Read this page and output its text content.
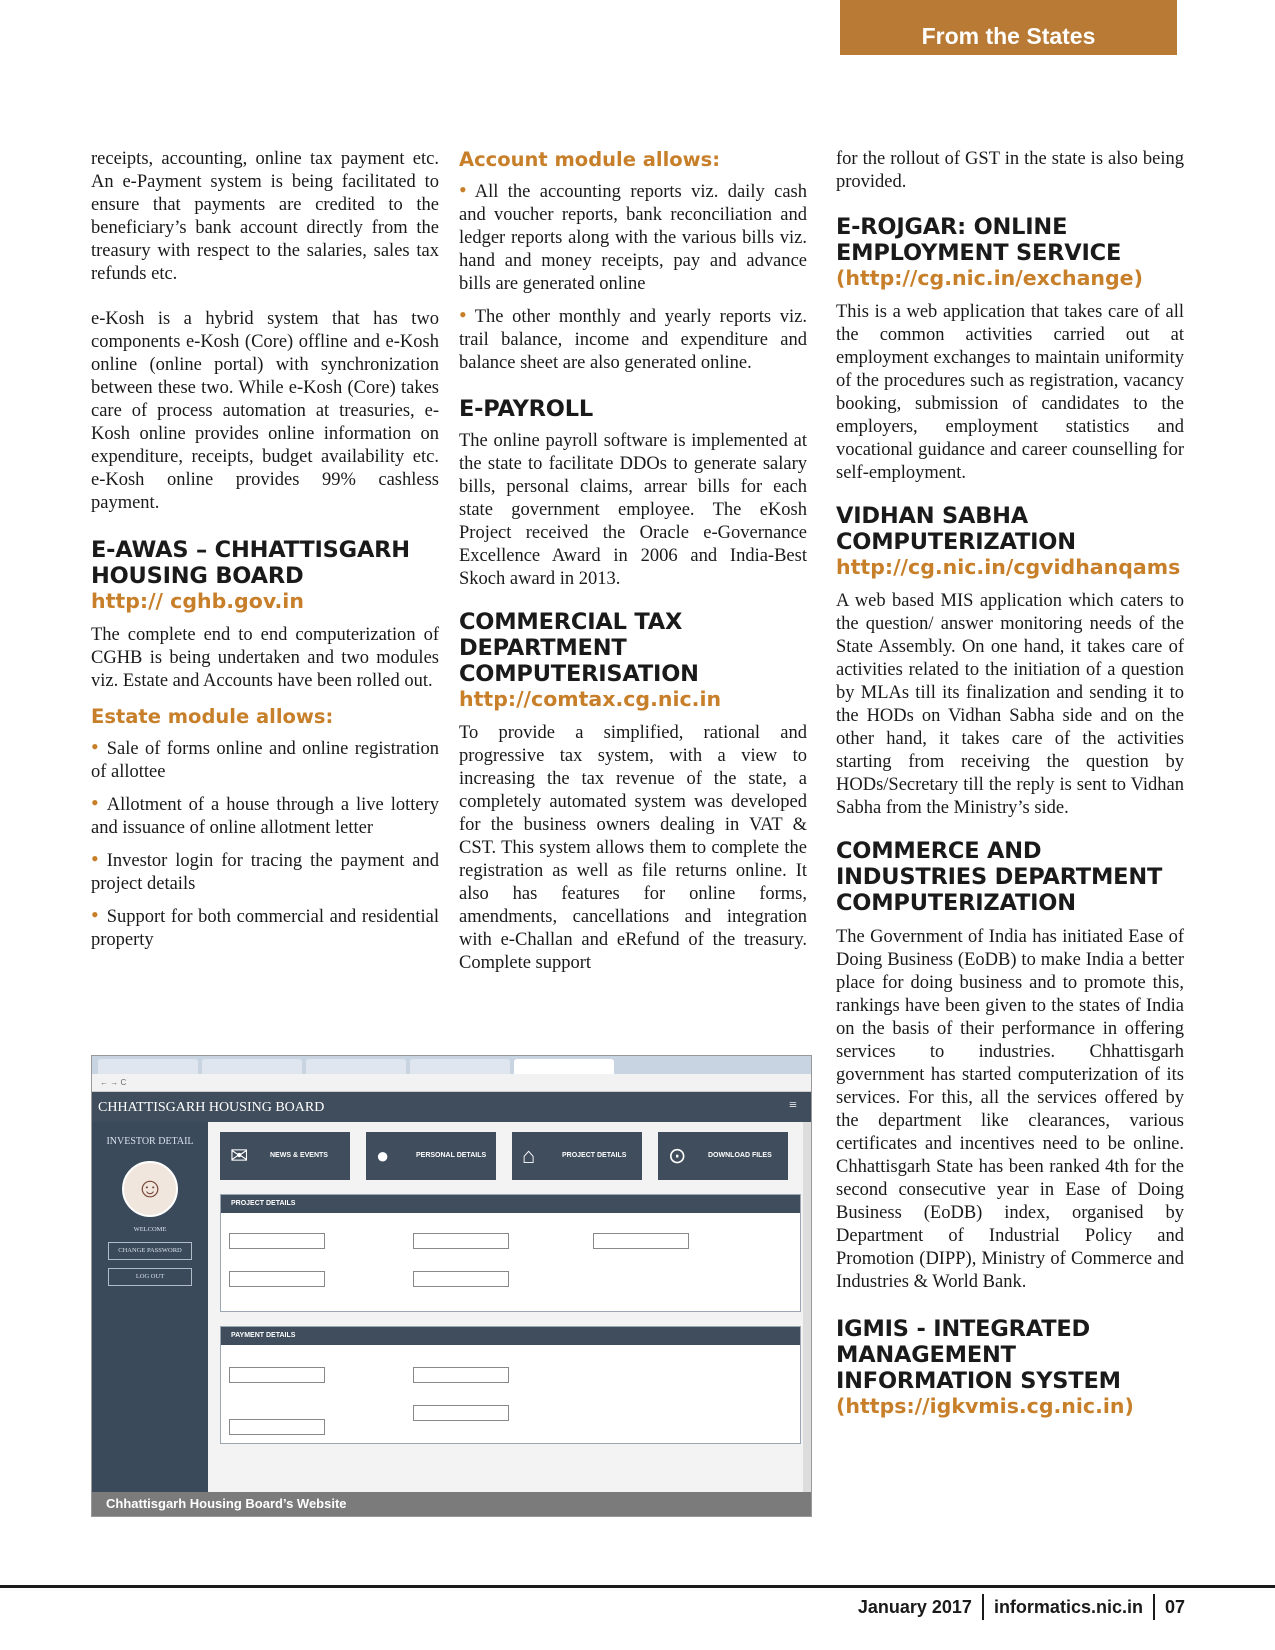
From the States

receipts, accounting, online tax payment etc. An e-Payment system is being facilitated to ensure that payments are credited to the beneficiary’s bank account directly from the treasury with respect to the salaries, sales tax refunds etc.

e-Kosh is a hybrid system that has two components e-Kosh (Core) offline and e-Kosh online (online portal) with synchronization between these two. While e-Kosh (Core) takes care of process automation at treasuries, e-Kosh online provides online information on expenditure, receipts, budget availability etc. e-Kosh online provides 99% cashless payment.

E-AWAS – CHHATTISGARH HOUSING BOARD
http:// cghb.gov.in

The complete end to end computerization of CGHB is being undertaken and two modules viz. Estate and Accounts have been rolled out.

Estate module allows:
• Sale of forms online and online registration of allottee
• Allotment of a house through a live lottery and issuance of online allotment letter
• Investor login for tracing the payment and project details
• Support for both commercial and residential property
Account module allows:
• All the accounting reports viz. daily cash and voucher reports, bank reconciliation and ledger reports along with the various bills viz. hand and money receipts, pay and advance bills are generated online
• The other monthly and yearly reports viz. trail balance, income and expenditure and balance sheet are also generated online.
E-PAYROLL

The online payroll software is implemented at the state to facilitate DDOs to generate salary bills, personal claims, arrear bills for each state government employee. The eKosh Project received the Oracle e-Governance Excellence Award in 2006 and India-Best Skoch award in 2013.

COMMERCIAL TAX DEPARTMENT COMPUTERISATION
http://comtax.cg.nic.in

To provide a simplified, rational and progressive tax system, with a view to increasing the tax revenue of the state, a completely automated system was developed for the business owners dealing in VAT & CST. This system allows them to complete the registration as well as file returns online. It also has features for online forms, amendments, cancellations and integration with e-Challan and eRefund of the treasury. Complete support

for the rollout of GST in the state is also being provided.

E-ROJGAR: ONLINE EMPLOYMENT SERVICE
(http://cg.nic.in/exchange)

This is a web application that takes care of all the common activities carried out at employment exchanges to maintain uniformity of the procedures such as registration, vacancy booking, submission of candidates to the employers, employment statistics and vocational guidance and career counselling for self-employment.

VIDHAN SABHA COMPUTERIZATION
http://cg.nic.in/cgvidhanqams

A web based MIS application which caters to the question/ answer monitoring needs of the State Assembly. On one hand, it takes care of activities related to the initiation of a question by MLAs till its finalization and sending it to the HODs on Vidhan Sabha side and on the other hand, it takes care of the activities starting from receiving the question by HODs/Secretary till the reply is sent to Vidhan Sabha from the Ministry’s side.

COMMERCE AND INDUSTRIES DEPARTMENT COMPUTERIZATION

The Government of India has initiated Ease of Doing Business (EoDB) to make India a better place for doing business and to promote this, rankings have been given to the states of India on the basis of their performance in offering services to industries. Chhattisgarh government has started computerization of its services. For this, all the services offered by the department like clearances, various certificates and incentives need to be online. Chhattisgarh State has been ranked 4th for the second consecutive year in Ease of Doing Business (EoDB) index, organised by Department of Industrial Policy and Promotion (DIPP), Ministry of Commerce and Industries & World Bank.

IGMIS - INTEGRATED MANAGEMENT INFORMATION SYSTEM
(https://igkvmis.cg.nic.in)
← → C
CHHATTISGARH HOUSING BOARD	≡
INVESTOR DETAIL
☺
WELCOME
CHANGE PASSWORD
LOG OUT
✉	NEWS & EVENTS ●	PERSONAL DETAILS ⌂	PROJECT DETAILS ⊙	DOWNLOAD FILES
PROJECT DETAILS
PAYMENT DETAILS
Chhattisgarh Housing Board’s Website
January 2017 informatics.nic.in 07
